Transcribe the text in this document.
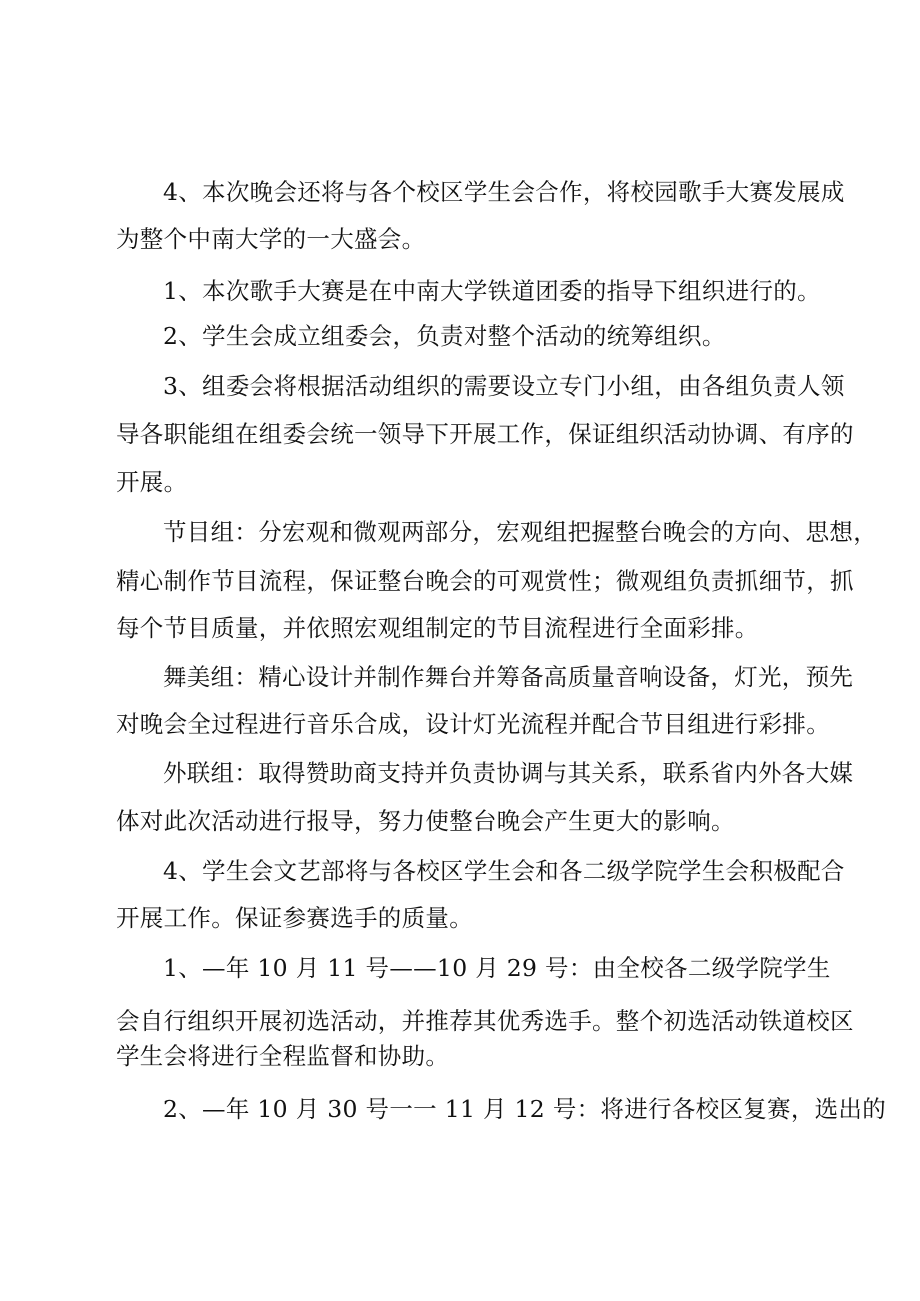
4、本次晚会还将与各个校区学生会合作，将校园歌手大赛发展成
为整个中南大学的一大盛会。
1、本次歌手大赛是在中南大学铁道团委的指导下组织进行的。
2、学生会成立组委会，负责对整个活动的统筹组织。
3、组委会将根据活动组织的需要设立专门小组，由各组负责人领
导各职能组在组委会统一领导下开展工作，保证组织活动协调、有序的
开展。
节目组：分宏观和微观两部分，宏观组把握整台晚会的方向、思想，
精心制作节目流程，保证整台晚会的可观赏性；微观组负责抓细节，抓
每个节目质量，并依照宏观组制定的节目流程进行全面彩排。
舞美组：精心设计并制作舞台并筹备高质量音响设备，灯光，预先
对晚会全过程进行音乐合成，设计灯光流程并配合节目组进行彩排。
外联组：取得赞助商支持并负责协调与其关系，联系省内外各大媒
体对此次活动进行报导，努力使整台晚会产生更大的影响。
4、学生会文艺部将与各校区学生会和各二级学院学生会积极配合
开展工作。保证参赛选手的质量。
1、—年 10 月 11 号——10 月 29 号：由全校各二级学院学生
会自行组织开展初选活动，并推荐其优秀选手。整个初选活动铁道校区
学生会将进行全程监督和协助。
2、—年 10 月 30 号一一 11 月 12 号：将进行各校区复赛，选出的
